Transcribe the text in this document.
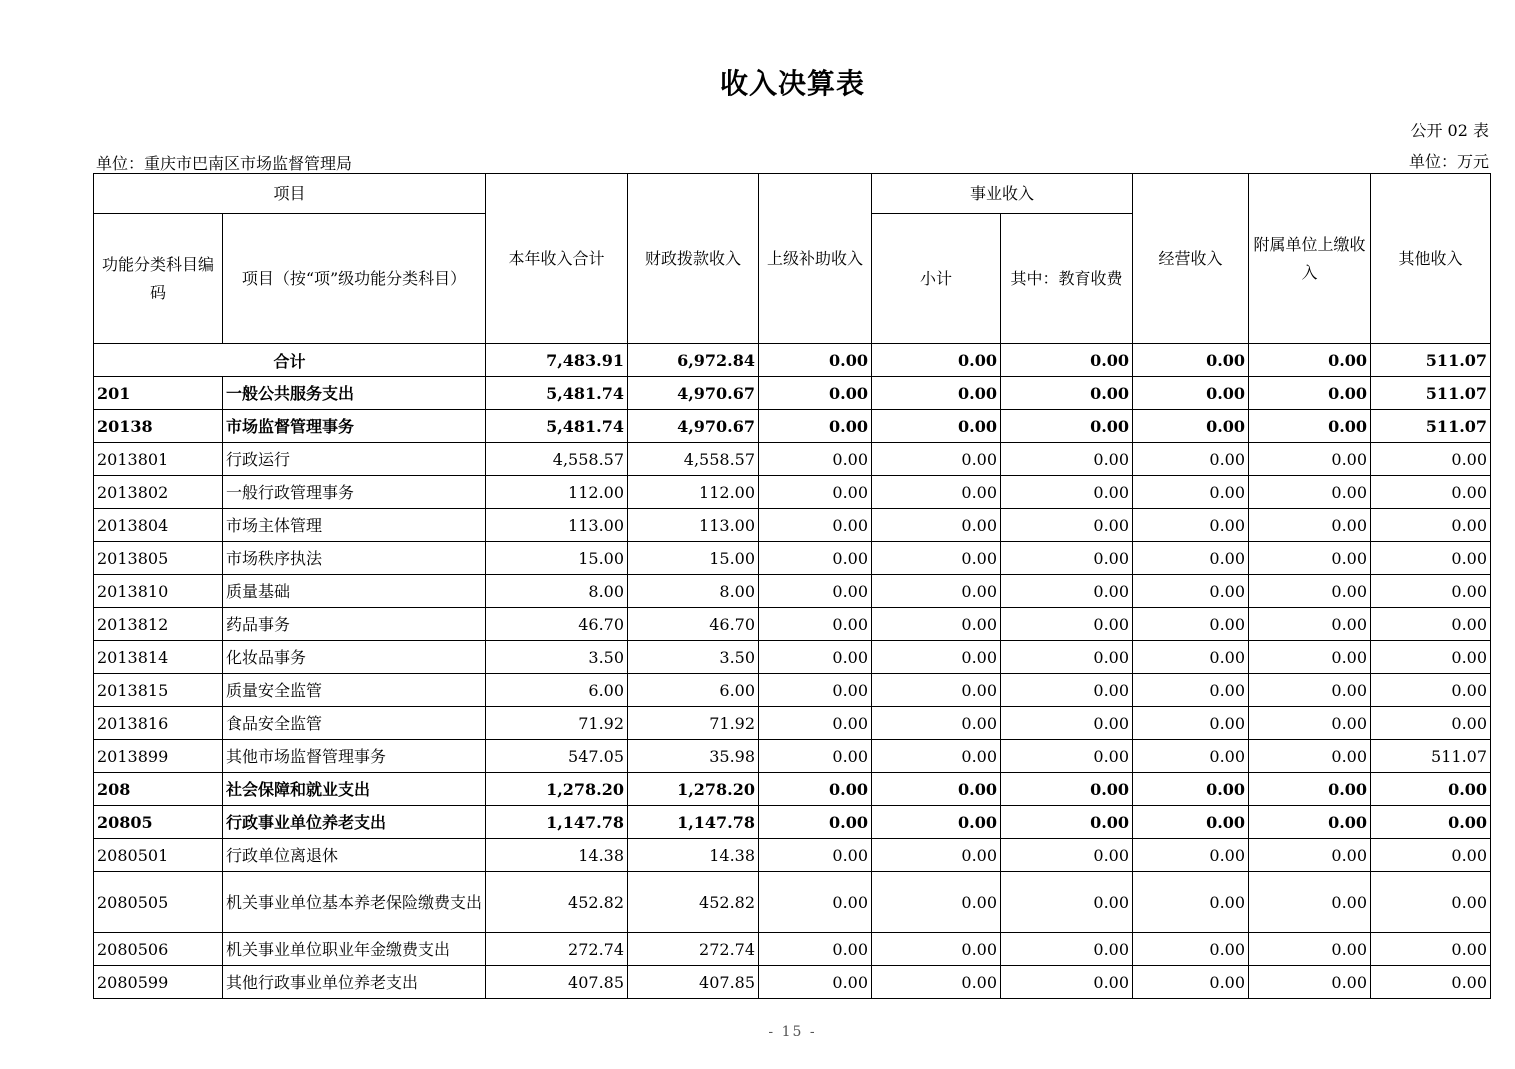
收入决算表
公开 02 表
单位：重庆市巴南区市场监督管理局	单位：万元
项目		本年收入合计	财政拨款收入	上级补助收入	事业收入		经营收入	附属单位上缴收入	其他收入
功能分类科目编码	项目（按“项”级功能分类科目）				小计	其中：教育收费			
合计		7,483.91	6,972.84	0.00	0.00	0.00	0.00	0.00	511.07
201	一般公共服务支出	5,481.74	4,970.67	0.00	0.00	0.00	0.00	0.00	511.07
20138	市场监督管理事务	5,481.74	4,970.67	0.00	0.00	0.00	0.00	0.00	511.07
2013801	行政运行	4,558.57	4,558.57	0.00	0.00	0.00	0.00	0.00	0.00
2013802	一般行政管理事务	112.00	112.00	0.00	0.00	0.00	0.00	0.00	0.00
2013804	市场主体管理	113.00	113.00	0.00	0.00	0.00	0.00	0.00	0.00
2013805	市场秩序执法	15.00	15.00	0.00	0.00	0.00	0.00	0.00	0.00
2013810	质量基础	8.00	8.00	0.00	0.00	0.00	0.00	0.00	0.00
2013812	药品事务	46.70	46.70	0.00	0.00	0.00	0.00	0.00	0.00
2013814	化妆品事务	3.50	3.50	0.00	0.00	0.00	0.00	0.00	0.00
2013815	质量安全监管	6.00	6.00	0.00	0.00	0.00	0.00	0.00	0.00
2013816	食品安全监管	71.92	71.92	0.00	0.00	0.00	0.00	0.00	0.00
2013899	其他市场监督管理事务	547.05	35.98	0.00	0.00	0.00	0.00	0.00	511.07
208	社会保障和就业支出	1,278.20	1,278.20	0.00	0.00	0.00	0.00	0.00	0.00
20805	行政事业单位养老支出	1,147.78	1,147.78	0.00	0.00	0.00	0.00	0.00	0.00
2080501	行政单位离退休	14.38	14.38	0.00	0.00	0.00	0.00	0.00	0.00
2080505	机关事业单位基本养老保险缴费支出	452.82	452.82	0.00	0.00	0.00	0.00	0.00	0.00
2080506	机关事业单位职业年金缴费支出	272.74	272.74	0.00	0.00	0.00	0.00	0.00	0.00
2080599	其他行政事业单位养老支出	407.85	407.85	0.00	0.00	0.00	0.00	0.00	0.00
- 15 -
